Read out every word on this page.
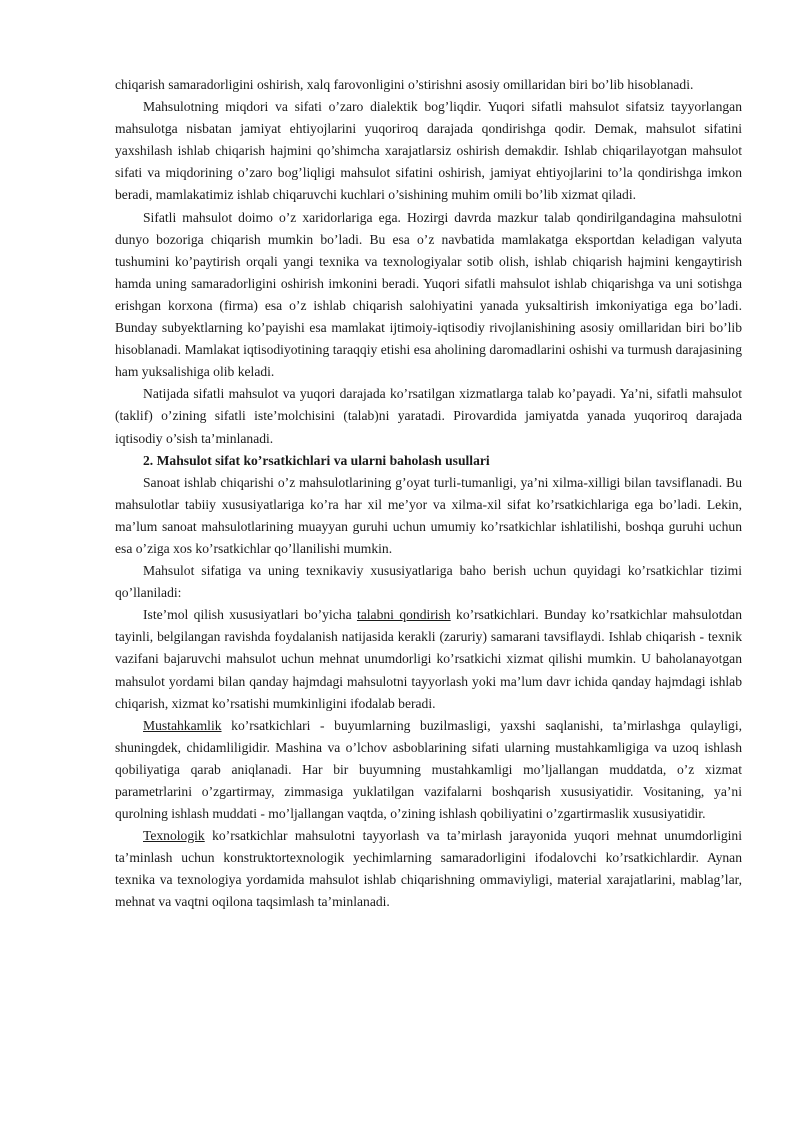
chiqarish samaradorligini oshirish, xalq farovonligini o’stirishni asosiy omillaridan biri bo’lib hisoblanadi.

Mahsulotning miqdori va sifati o’zaro dialektik bog’liqdir. Yuqori sifatli mahsulot sifatsiz tayyorlangan mahsulotga nisbatan jamiyat ehtiyojlarini yuqoriroq darajada qondirishga qodir. Demak, mahsulot sifatini yaxshilash ishlab chiqarish hajmini qo’shimcha xarajatlarsiz oshirish demakdir. Ishlab chiqarilayotgan mahsulot sifati va miqdorining o’zaro bog’liqligi mahsulot sifatini oshirish, jamiyat ehtiyojlarini to’la qondirishga imkon beradi, mamlakatimiz ishlab chiqaruvchi kuchlari o’sishining muhim omili bo’lib xizmat qiladi.

Sifatli mahsulot doimo o’z xaridorlariga ega. Hozirgi davrda mazkur talab qondirilgandagina mahsulotni dunyo bozoriga chiqarish mumkin bo’ladi. Bu esa o’z navbatida mamlakatga eksportdan keladigan valyuta tushumini ko’paytirish orqali yangi texnika va texnologiyalar sotib olish, ishlab chiqarish hajmini kengaytirish hamda uning samaradorligini oshirish imkonini beradi. Yuqori sifatli mahsulot ishlab chiqarishga va uni sotishga erishgan korxona (firma) esa o’z ishlab chiqarish salohiyatini yanada yuksaltirish imkoniyatiga ega bo’ladi. Bunday subyektlarning ko’payishi esa mamlakat ijtimoiy-iqtisodiy rivojlanishining asosiy omillaridan biri bo’lib hisoblanadi. Mamlakat iqtisodiyotining taraqqiy etishi esa aholining daromadlarini oshishi va turmush darajasining ham yuksalishiga olib keladi.

Natijada sifatli mahsulot va yuqori darajada ko’rsatilgan xizmatlarga talab ko’payadi. Ya’ni, sifatli mahsulot (taklif) o’zining sifatli iste’molchisini (talab)ni yaratadi. Pirovardida jamiyatda yanada yuqoriroq darajada iqtisodiy o’sish ta’minlanadi.

2. Mahsulot sifat ko’rsatkichlari va ularni baholash usullari

Sanoat ishlab chiqarishi o’z mahsulotlarining g’oyat turli-tumanligi, ya’ni xilma-xilligi bilan tavsiflanadi. Bu mahsulotlar tabiiy xususiyatlariga ko’ra har xil me’yor va xilma-xil sifat ko’rsatkichlariga ega bo’ladi. Lekin, ma’lum sanoat mahsulotlarining muayyan guruhi uchun umumiy ko’rsatkichlar ishlatilishi, boshqa guruhi uchun esa o’ziga xos ko’rsatkichlar qo’llanilishi mumkin.

Mahsulot sifatiga va uning texnikaviy xususiyatlariga baho berish uchun quyidagi ko’rsatkichlar tizimi qo’llaniladi:

Iste’mol qilish xususiyatlari bo’yicha talabni qondirish ko’rsatkichlari. Bunday ko’rsatkichlar mahsulotdan tayinli, belgilangan ravishda foydalanish natijasida kerakli (zaruriy) samarani tavsiflaydi. Ishlab chiqarish - texnik vazifani bajaruvchi mahsulot uchun mehnat unumdorligi ko’rsatkichi xizmat qilishi mumkin. U baholanayotgan mahsulot yordami bilan qanday hajmdagi mahsulotni tayyorlash yoki ma’lum davr ichida qanday hajmdagi ishlab chiqarish, xizmat ko’rsatishi mumkinligini ifodalab beradi.

Mustahkamlik ko’rsatkichlari - buyumlarning buzilmasligi, yaxshi saqlanishi, ta’mirlashga qulayligi, shuningdek, chidamliligidir. Mashina va o’lchov asboblarining sifati ularning mustahkamligiga va uzoq ishlash qobiliyatiga qarab aniqlanadi. Har bir buyumning mustahkamligi mo’ljallangan muddatda, o’z xizmat parametrlarini o’zgartirmay, zimmasiga yuklatilgan vazifalarni boshqarish xususiyatidir. Vositaning, ya’ni qurolning ishlash muddati - mo’ljallangan vaqtda, o’zining ishlash qobiliyatini o’zgartirmaslik xususiyatidir.

Texnologik ko’rsatkichlar mahsulotni tayyorlash va ta’mirlash jarayonida yuqori mehnat unumdorligini ta’minlash uchun konstruktortexnologik yechimlarning samaradorligini ifodalovchi ko’rsatkichlardir. Aynan texnika va texnologiya yordamida mahsulot ishlab chiqarishning ommaviyligi, material xarajatlarini, mablag’lar, mehnat va vaqtni oqilona taqsimlash ta’minlanadi.
